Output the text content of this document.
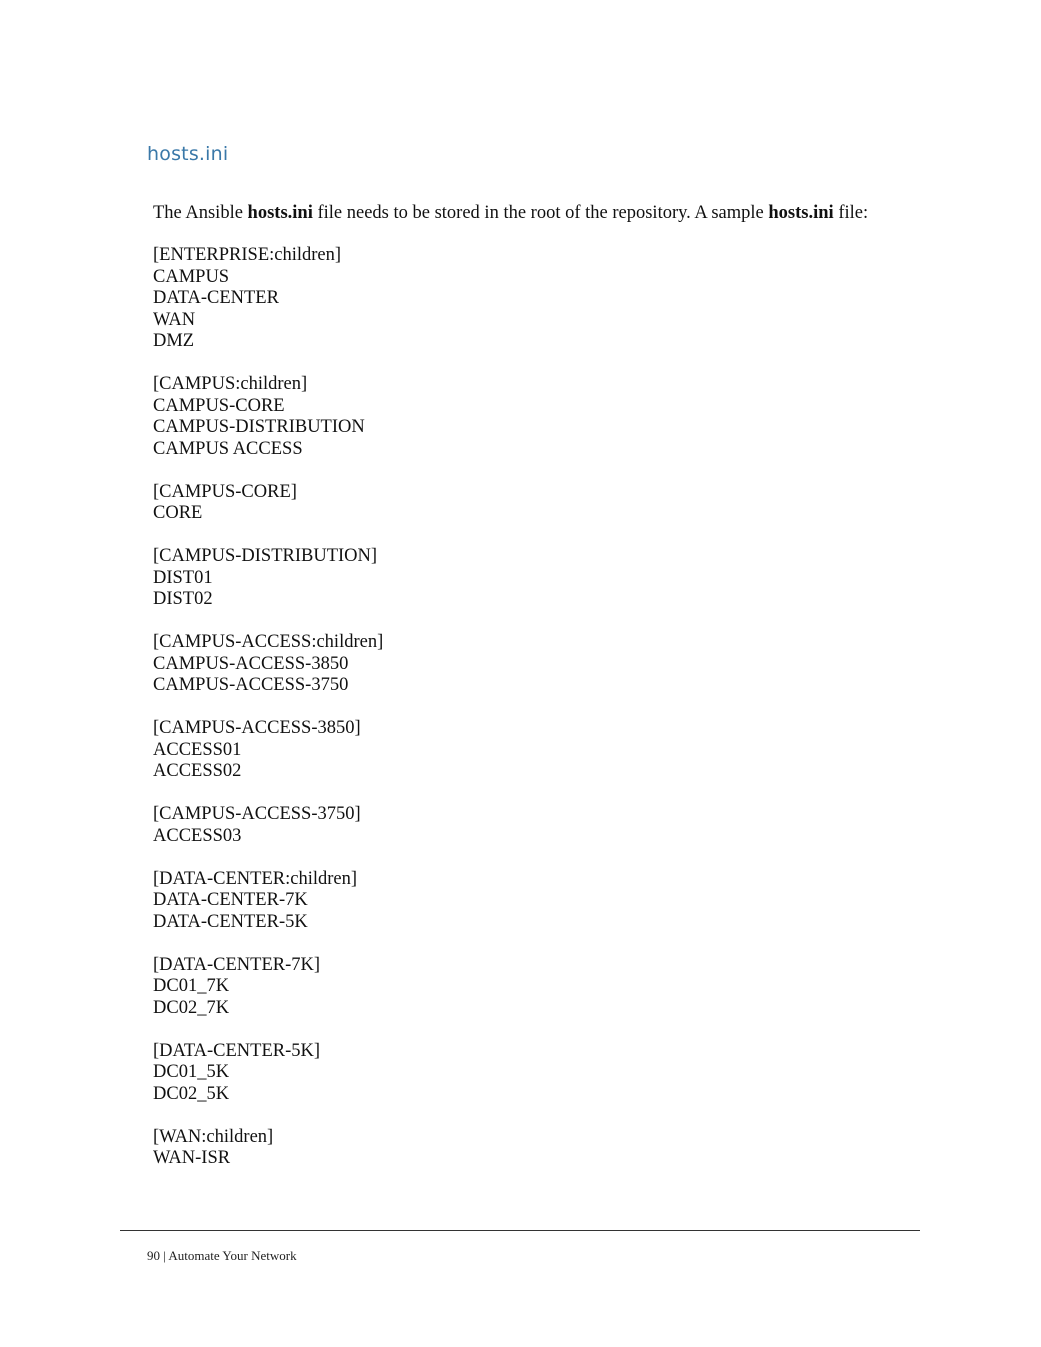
hosts.ini

The Ansible hosts.ini file needs to be stored in the root of the repository. A sample hosts.ini file:

[ENTERPRISE:children]
CAMPUS
DATA-CENTER
WAN
DMZ

[CAMPUS:children]
CAMPUS-CORE
CAMPUS-DISTRIBUTION
CAMPUS ACCESS

[CAMPUS-CORE]
CORE

[CAMPUS-DISTRIBUTION]
DIST01
DIST02

[CAMPUS-ACCESS:children]
CAMPUS-ACCESS-3850
CAMPUS-ACCESS-3750

[CAMPUS-ACCESS-3850]
ACCESS01
ACCESS02

[CAMPUS-ACCESS-3750]
ACCESS03

[DATA-CENTER:children]
DATA-CENTER-7K
DATA-CENTER-5K

[DATA-CENTER-7K]
DC01_7K
DC02_7K

[DATA-CENTER-5K]
DC01_5K
DC02_5K

[WAN:children]
WAN-ISR

90 | Automate Your Network
